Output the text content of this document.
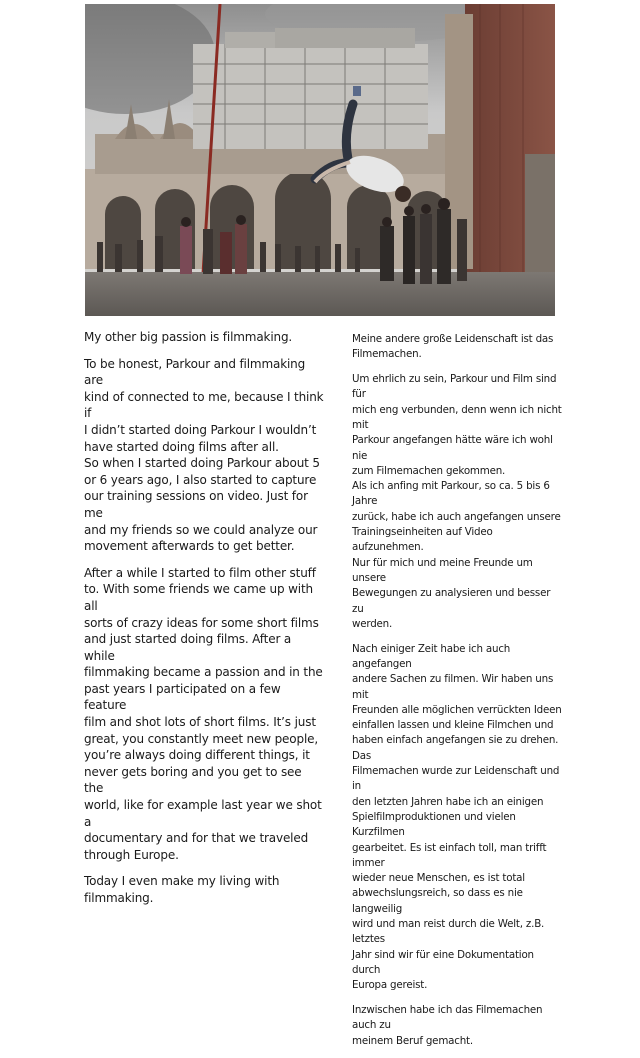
My other big passion is filmmaking.

To be honest, Parkour and filmmaking are
kind of connected to me, because I think if
I didn’t started doing Parkour I wouldn’t
have started doing films after all.
So when I started doing Parkour about 5
or 6 years ago, I also started to capture
our training sessions on video. Just for me
and my friends so we could analyze our
movement afterwards to get better.

After a while I started to film other stuff
to. With some friends we came up with all
sorts of crazy ideas for some short films
and just started doing films. After a while
filmmaking became a passion and in the
past years I participated on a few feature
film and shot lots of short films. It’s just
great, you constantly meet new people,
you’re always doing different things, it
never gets boring and you get to see the
world, like for example last year we shot a
documentary and for that we traveled
through Europe.

Today I even make my living with
filmmaking.

Meine andere große Leidenschaft ist das
Filmemachen.

Um ehrlich zu sein, Parkour und Film sind für
mich eng verbunden, denn wenn ich nicht mit
Parkour angefangen hätte wäre ich wohl nie
zum Filmemachen gekommen.
Als ich anfing mit Parkour, so ca. 5 bis 6 Jahre
zurück, habe ich auch angefangen unsere
Trainingseinheiten auf Video aufzunehmen.
Nur für mich und meine Freunde um unsere
Bewegungen zu analysieren und besser zu
werden.

Nach einiger Zeit habe ich auch angefangen
andere Sachen zu filmen. Wir haben uns mit
Freunden alle möglichen verrückten Ideen
einfallen lassen und kleine Filmchen und
haben einfach angefangen sie zu drehen. Das
Filmemachen wurde zur Leidenschaft und in
den letzten Jahren habe ich an einigen
Spielfilmproduktionen und vielen Kurzfilmen
gearbeitet. Es ist einfach toll, man trifft immer
wieder neue Menschen, es ist total
abwechslungsreich, so dass es nie langweilig
wird und man reist durch die Welt, z.B. letztes
Jahr sind wir für eine Dokumentation durch
Europa gereist.

Inzwischen habe ich das Filmemachen auch zu
meinem Beruf gemacht.
